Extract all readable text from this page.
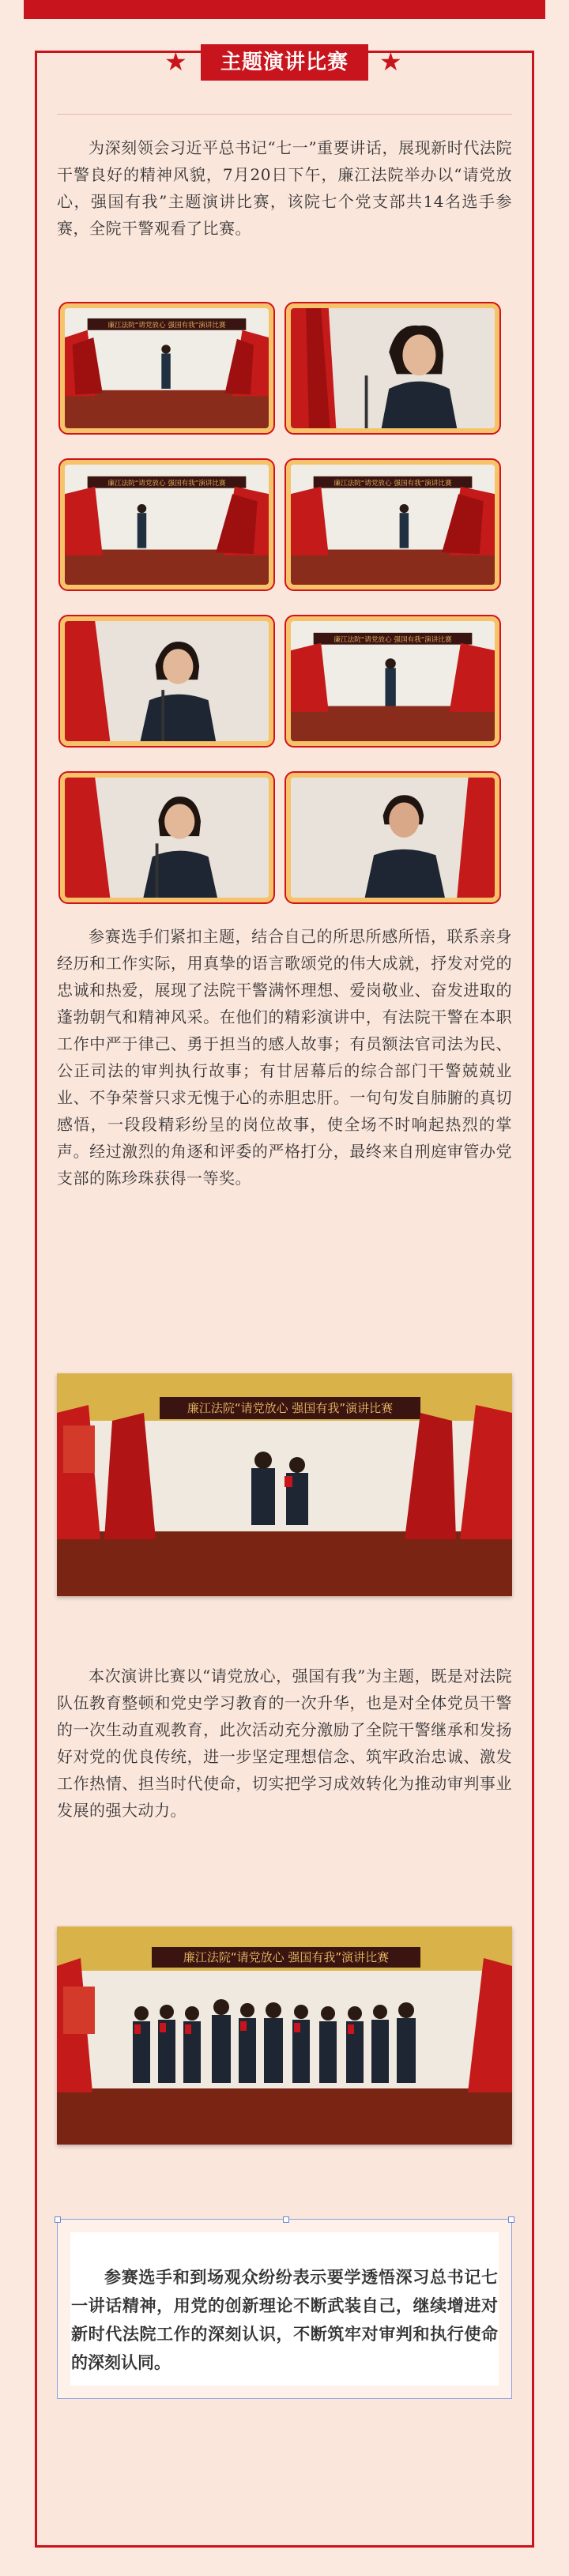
★	主题演讲比赛	★

为深刻领会习近平总书记“七一”重要讲话，展现新时代法院干警良好的精神风貌，7月20日下午，廉江法院举办以“请党放心，强国有我”主题演讲比赛，该院七个党支部共14名选手参赛，全院干警观看了比赛。

廉江法院“请党放心 强国有我”演讲比赛
廉江法院“请党放心 强国有我”演讲比赛	廉江法院“请党放心 强国有我”演讲比赛
廉江法院“请党放心 强国有我”演讲比赛

参赛选手们紧扣主题，结合自己的所思所感所悟，联系亲身经历和工作实际，用真挚的语言歌颂党的伟大成就，抒发对党的忠诚和热爱，展现了法院干警满怀理想、爱岗敬业、奋发进取的蓬勃朝气和精神风采。在他们的精彩演讲中，有法院干警在本职工作中严于律己、勇于担当的感人故事；有员额法官司法为民、公正司法的审判执行故事；有甘居幕后的综合部门干警兢兢业业、不争荣誉只求无愧于心的赤胆忠肝。一句句发自肺腑的真切感悟，一段段精彩纷呈的岗位故事，使全场不时响起热烈的掌声。经过激烈的角逐和评委的严格打分，最终来自刑庭审管办党支部的陈珍珠获得一等奖。

廉江法院“请党放心 强国有我”演讲比赛

本次演讲比赛以“请党放心，强国有我”为主题，既是对法院队伍教育整顿和党史学习教育的一次升华，也是对全体党员干警的一次生动直观教育，此次活动充分激励了全院干警继承和发扬好对党的优良传统，进一步坚定理想信念、筑牢政治忠诚、激发工作热情、担当时代使命，切实把学习成效转化为推动审判事业发展的强大动力。

廉江法院“请党放心 强国有我”演讲比赛

参赛选手和到场观众纷纷表示要学透悟深习总书记七一讲话精神，用党的创新理论不断武装自己，继续增进对新时代法院工作的深刻认识，不断筑牢对审判和执行使命的深刻认同。
